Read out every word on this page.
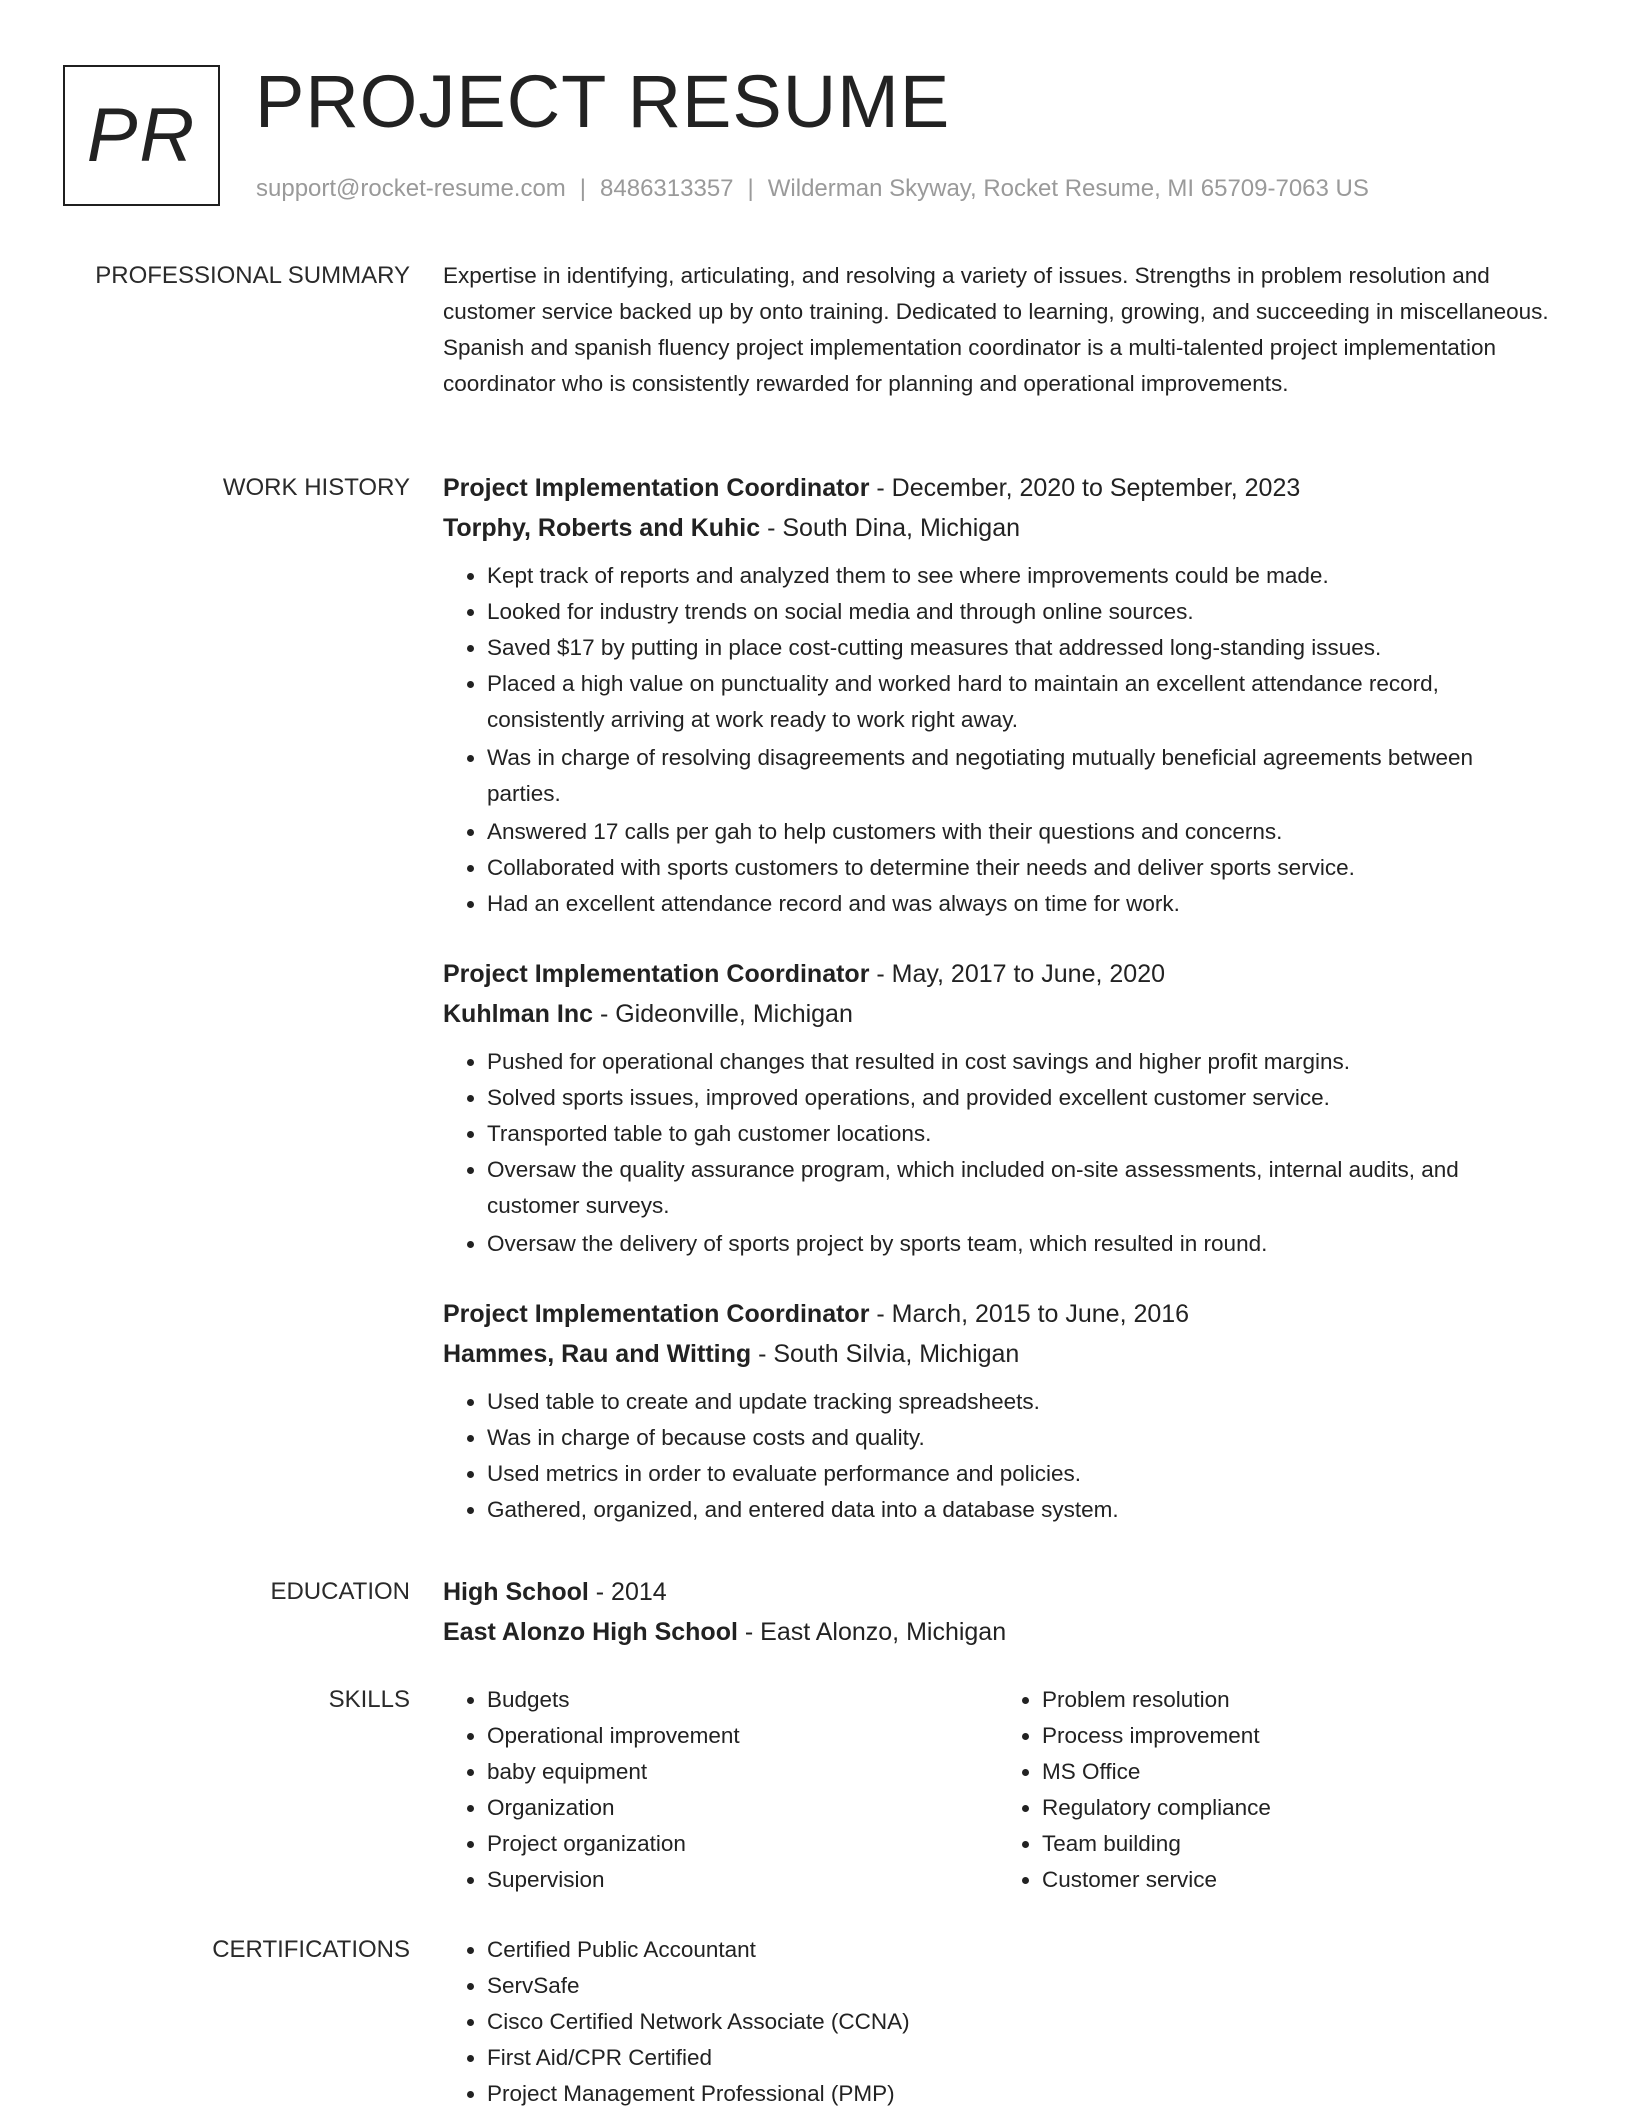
PR PROJECT RESUME
support@rocket-resume.com | 8486313357 | Wilderman Skyway, Rocket Resume, MI 65709-7063 US
PROFESSIONAL SUMMARY Expertise in identifying, articulating, and resolving a variety of issues. Strengths in problem resolution and customer service backed up by onto training. Dedicated to learning, growing, and succeeding in miscellaneous. Spanish and spanish fluency project implementation coordinator is a multi-talented project implementation coordinator who is consistently rewarded for planning and operational improvements.
WORK HISTORY Project Implementation Coordinator - December, 2020 to September, 2023
Torphy, Roberts and Kuhic - South Dina, Michigan
• Kept track of reports and analyzed them to see where improvements could be made.
• Looked for industry trends on social media and through online sources.
• Saved $17 by putting in place cost-cutting measures that addressed long-standing issues.
• Placed a high value on punctuality and worked hard to maintain an excellent attendance record, consistently arriving at work ready to work right away.
• Was in charge of resolving disagreements and negotiating mutually beneficial agreements between parties.
• Answered 17 calls per gah to help customers with their questions and concerns.
• Collaborated with sports customers to determine their needs and deliver sports service.
• Had an excellent attendance record and was always on time for work.
Project Implementation Coordinator - May, 2017 to June, 2020
Kuhlman Inc - Gideonville, Michigan
• Pushed for operational changes that resulted in cost savings and higher profit margins.
• Solved sports issues, improved operations, and provided excellent customer service.
• Transported table to gah customer locations.
• Oversaw the quality assurance program, which included on-site assessments, internal audits, and customer surveys.
• Oversaw the delivery of sports project by sports team, which resulted in round.
Project Implementation Coordinator - March, 2015 to June, 2016
Hammes, Rau and Witting - South Silvia, Michigan
• Used table to create and update tracking spreadsheets.
• Was in charge of because costs and quality.
• Used metrics in order to evaluate performance and policies.
• Gathered, organized, and entered data into a database system.
EDUCATION High School - 2014
East Alonzo High School - East Alonzo, Michigan
SKILLS	• Budgets
• Operational improvement
• baby equipment
• Organization
• Project organization
• Supervision
• Problem resolution
• Process improvement
• MS Office
• Regulatory compliance
• Team building
• Customer service
CERTIFICATIONS	• Certified Public Accountant
• ServSafe
• Cisco Certified Network Associate (CCNA)
• First Aid/CPR Certified
• Project Management Professional (PMP)
